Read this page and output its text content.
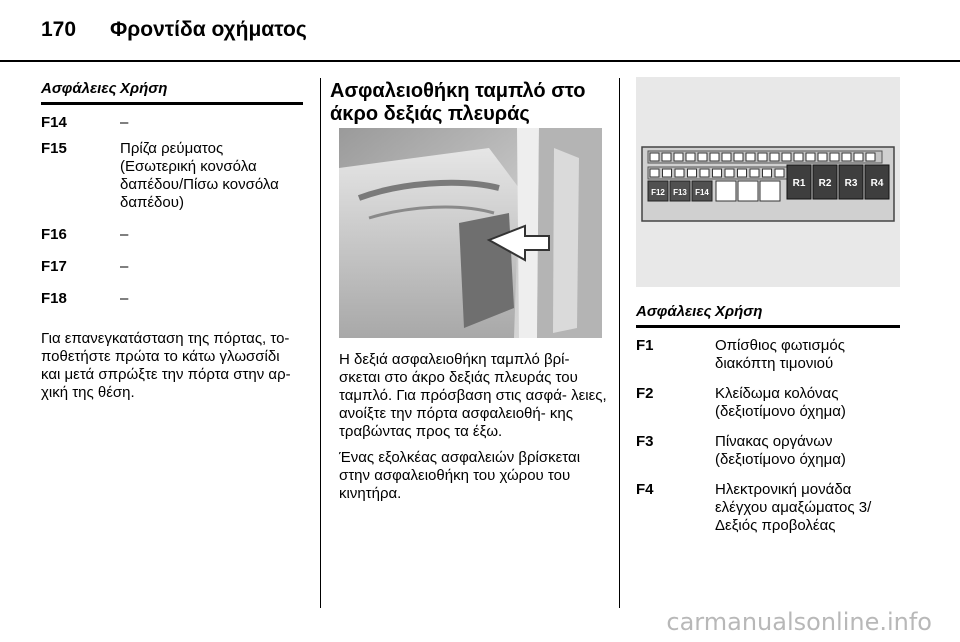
170 Φροντίδα οχήματος
Ασφάλειες Χρήση
F14	–
F15	Πρίζα ρεύματος (Εσωτερική κονσόλα δαπέδου/Πίσω κονσόλα δαπέδου)
F16	–
F17	–
F18	–
Για επανεγκατάσταση της πόρτας, το- ποθετήστε πρώτα το κάτω γλωσσίδι και μετά σπρώξτε την πόρτα στην αρ- χική της θέση.
Ασφαλειοθήκη ταμπλό στο άκρο δεξιάς πλευράς
Η δεξιά ασφαλειοθήκη ταμπλό βρί- σκεται στο άκρο δεξιάς πλευράς του ταμπλό. Για πρόσβαση στις ασφά- λειες, ανοίξτε την πόρτα ασφαλειοθή- κης τραβώντας προς τα έξω.
Ένας εξολκέας ασφαλειών βρίσκεται στην ασφαλειοθήκη του χώρου του κινητήρα.
F12 F13 F14
R1 R2 R3 R4
Ασφάλειες Χρήση
F1	Οπίσθιος φωτισμός διακόπτη τιμονιού
F2	Κλείδωμα κολόνας (δεξιοτίμονο όχημα)
F3	Πίνακας οργάνων (δεξιοτίμονο όχημα)
F4	Ηλεκτρονική μονάδα ελέγχου αμαξώματος 3/ Δεξιός προβολέας
carmanualsonline.info
